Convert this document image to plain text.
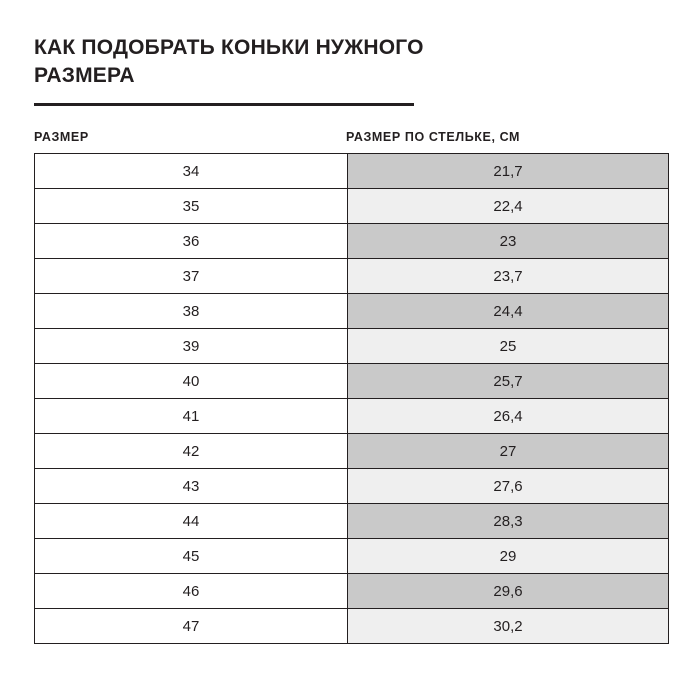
КАК ПОДОБРАТЬ КОНЬКИ НУЖНОГО РАЗМЕРА
РАЗМЕР	РАЗМЕР ПО СТЕЛЬКЕ, СМ
34	21,7
35	22,4
36	23
37	23,7
38	24,4
39	25
40	25,7
41	26,4
42	27
43	27,6
44	28,3
45	29
46	29,6
47	30,2
